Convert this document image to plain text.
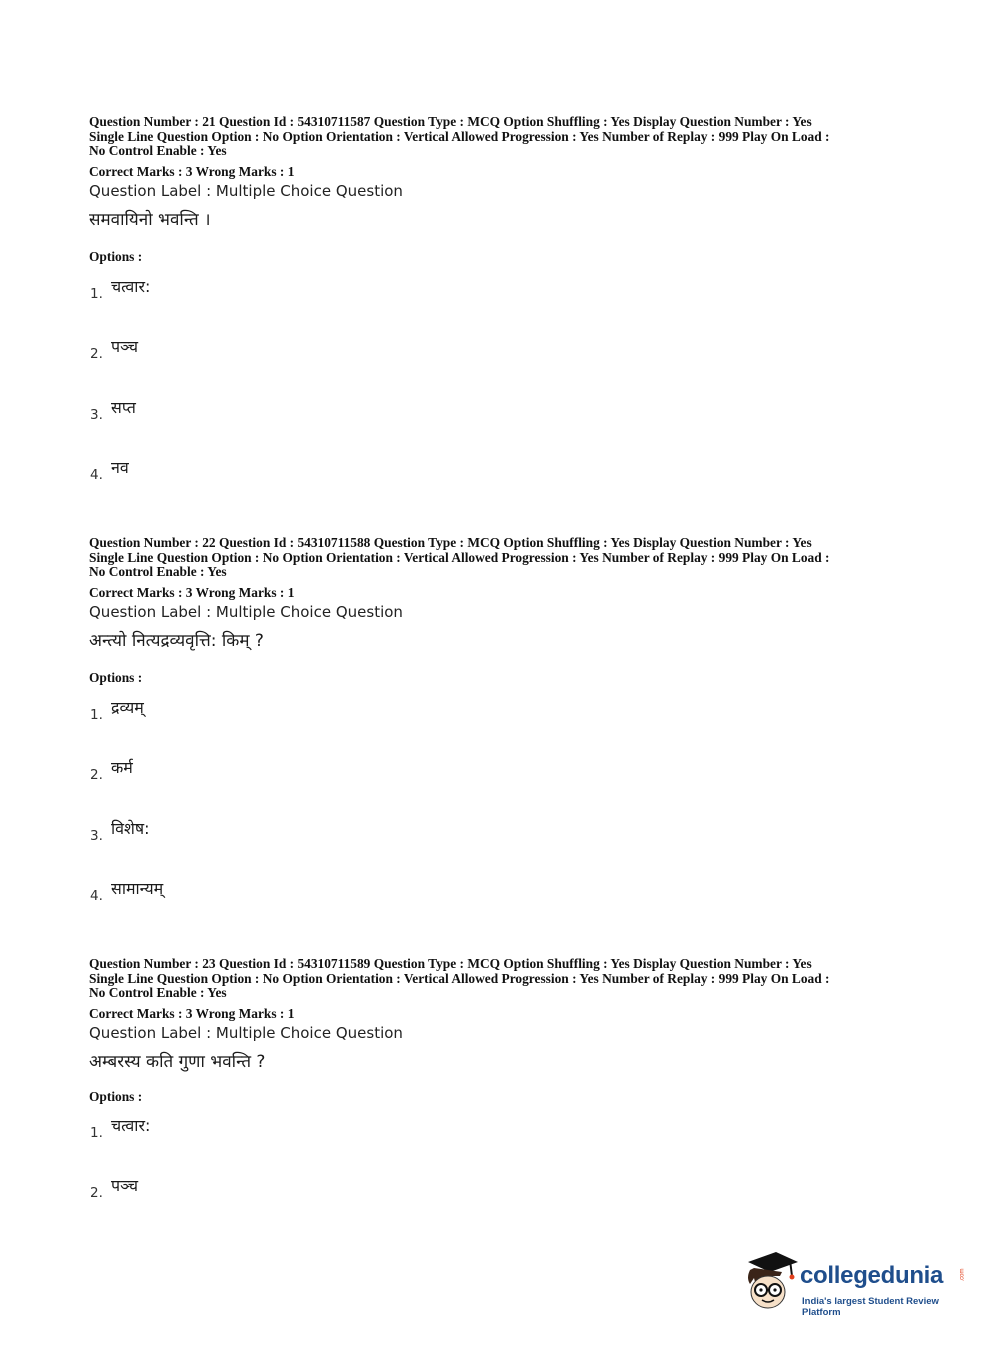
Question Number : 21 Question Id : 54310711587 Question Type : MCQ Option Shuffling : Yes Display Question Number : Yes

Single Line Question Option : No Option Orientation : Vertical Allowed Progression : Yes Number of Replay : 999 Play On Load :

No Control Enable : Yes

Correct Marks : 3 Wrong Marks : 1
Question Label : Multiple Choice Question
समवायिनो भवन्ति ।
Options :
1. चत्वार:
2. पञ्च
3. सप्त
4. नव

Question Number : 22 Question Id : 54310711588 Question Type : MCQ Option Shuffling : Yes Display Question Number : Yes

Single Line Question Option : No Option Orientation : Vertical Allowed Progression : Yes Number of Replay : 999 Play On Load :

No Control Enable : Yes

Correct Marks : 3 Wrong Marks : 1
Question Label : Multiple Choice Question
अन्त्यो नित्यद्रव्यवृत्ति: किम् ?
Options :
1. द्रव्यम्
2. कर्म
3. विशेष:
4. सामान्यम्

Question Number : 23 Question Id : 54310711589 Question Type : MCQ Option Shuffling : Yes Display Question Number : Yes

Single Line Question Option : No Option Orientation : Vertical Allowed Progression : Yes Number of Replay : 999 Play On Load :

No Control Enable : Yes

Correct Marks : 3 Wrong Marks : 1
Question Label : Multiple Choice Question
अम्बरस्य कति गुणा भवन्ति ?
Options :
1. चत्वार:
2. पञ्च
collegedunia	.com
India's largest Student Review Platform
